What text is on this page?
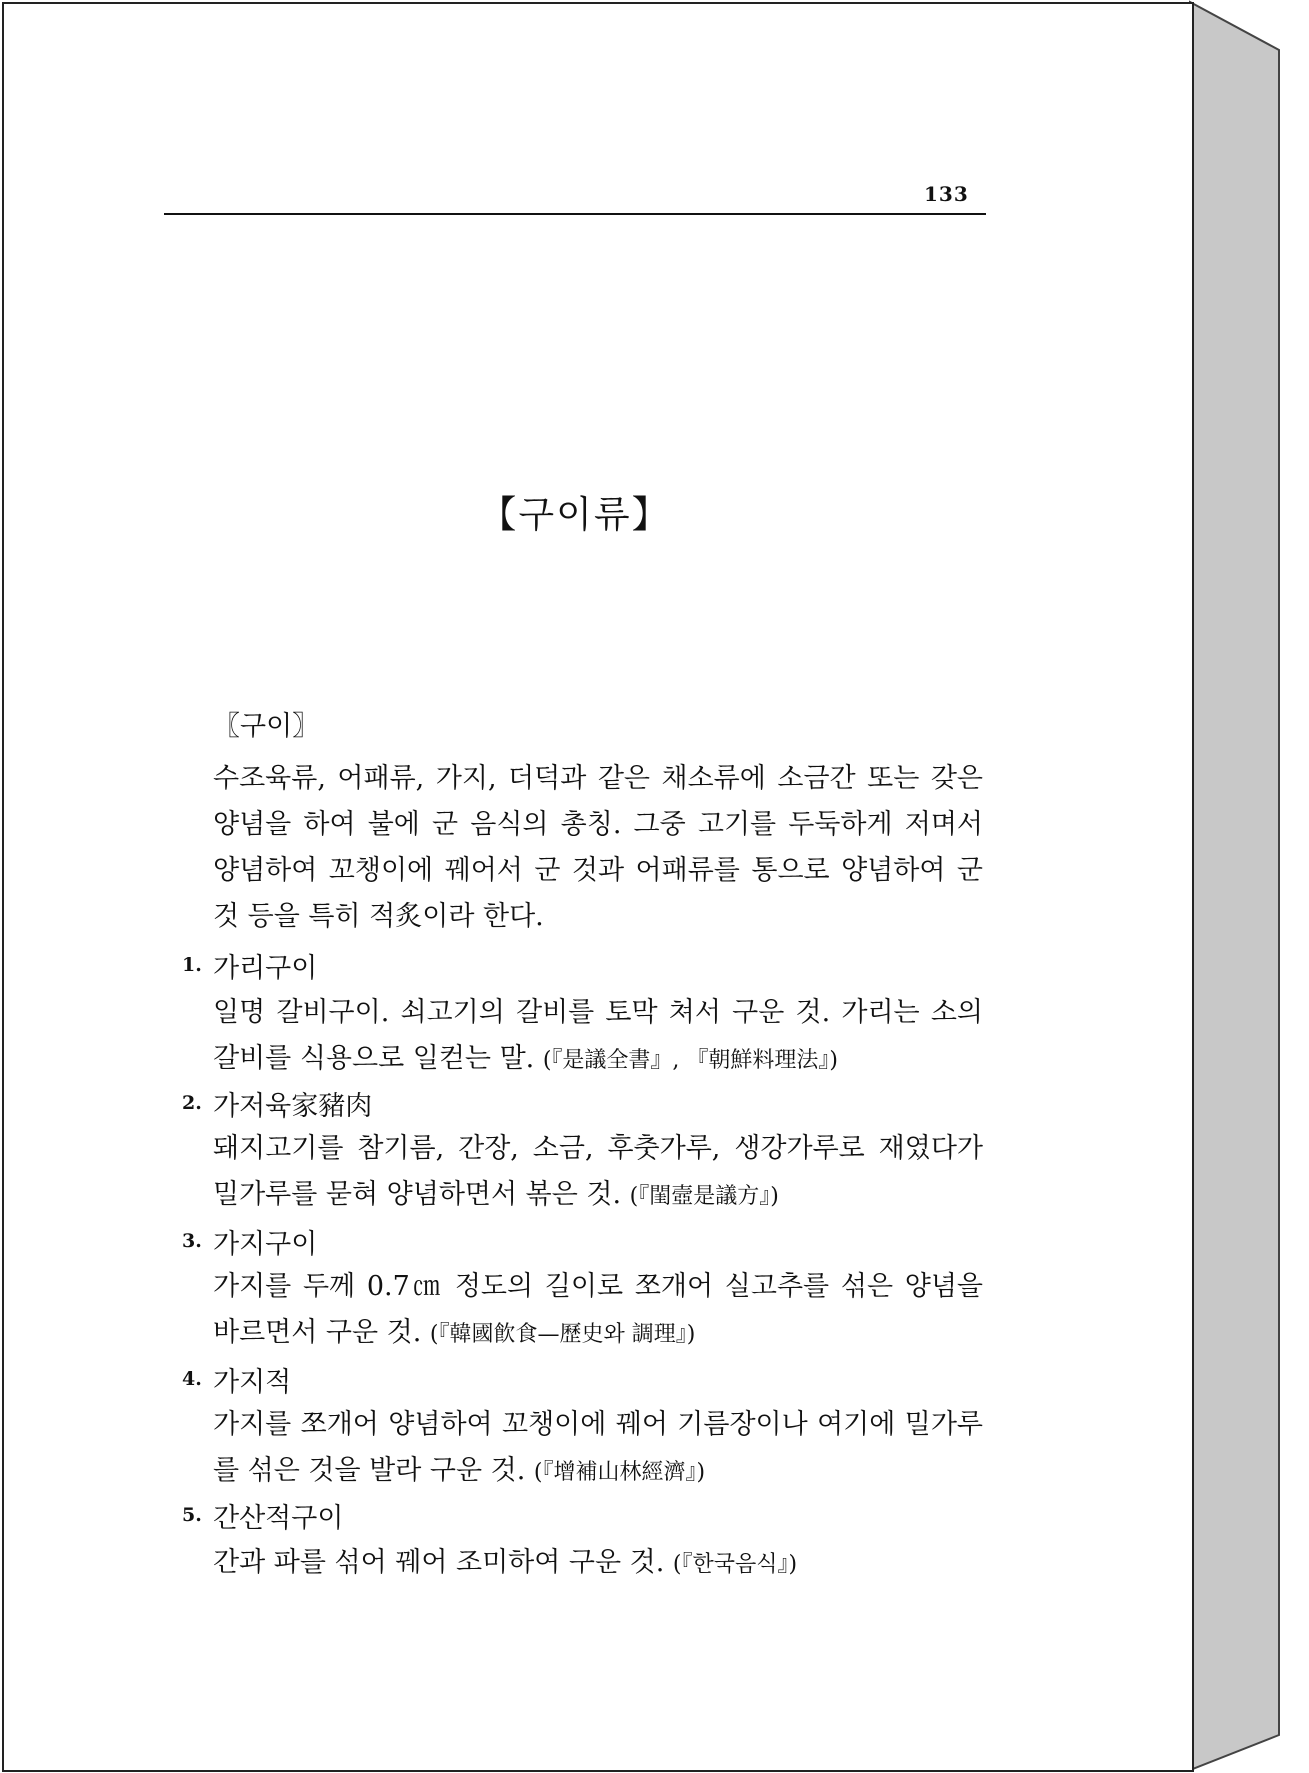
133
【구이류】
〖구이〗
수조육류, 어패류, 가지, 더덕과 같은 채소류에 소금간 또는 갖은 양념을 하여 불에 군 음식의 총칭. 그중 고기를 두둑하게 저며서 양념하여 꼬챙이에 꿰어서 군 것과 어패류를 통으로 양념하여 군 것 등을 특히 적炙이라 한다.
1. 가리구이
일명 갈비구이. 쇠고기의 갈비를 토막 쳐서 구운 것. 가리는 소의 갈비를 식용으로 일컫는 말. (『是議全書』, 『朝鮮料理法』)
2. 가저육家豬肉
돼지고기를 참기름, 간장, 소금, 후춧가루, 생강가루로 재였다가 밀가루를 묻혀 양념하면서 볶은 것. (『閨壼是議方』)
3. 가지구이
가지를 두께 0.7㎝ 정도의 길이로 쪼개어 실고추를 섞은 양념을 바르면서 구운 것. (『韓國飮食—歷史와 調理』)
4. 가지적
가지를 쪼개어 양념하여 꼬챙이에 꿰어 기름장이나 여기에 밀가루를 섞은 것을 발라 구운 것. (『增補山林經濟』)
5. 간산적구이
간과 파를 섞어 꿰어 조미하여 구운 것. (『한국음식』)
